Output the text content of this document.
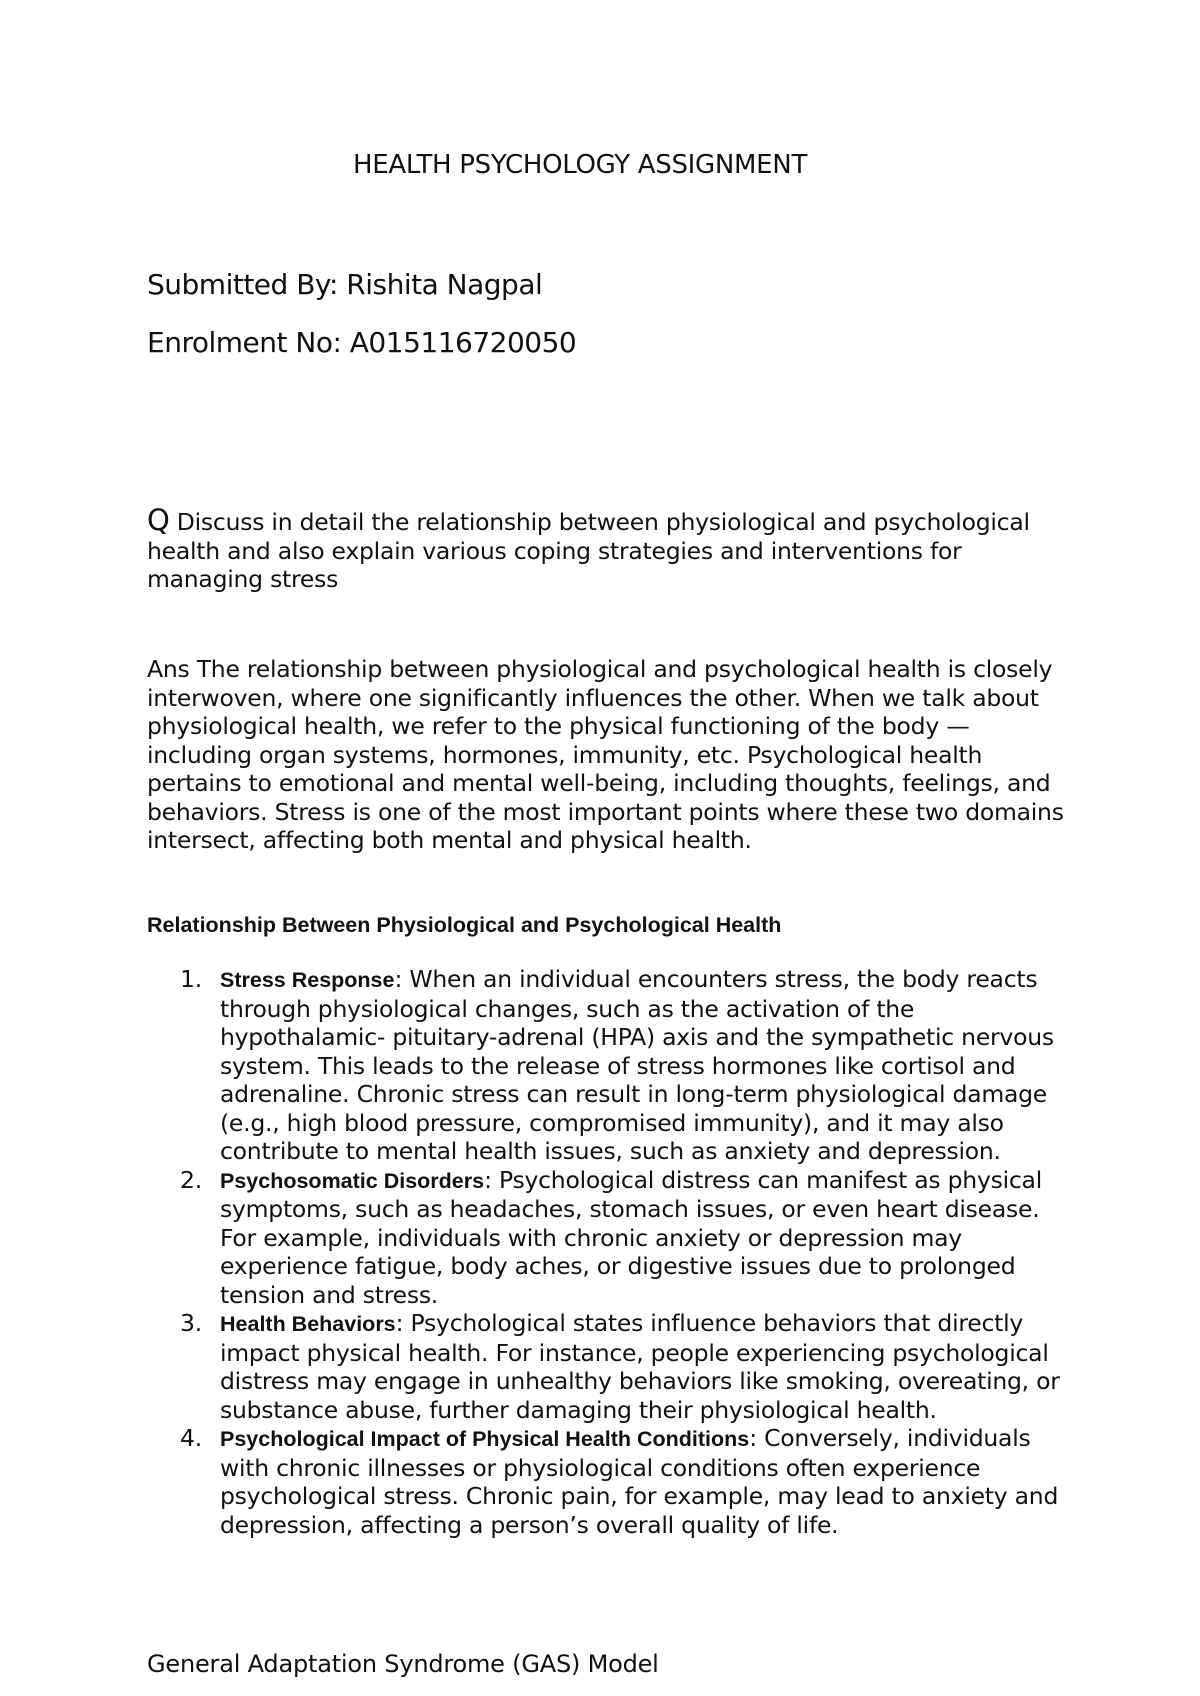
HEALTH PSYCHOLOGY ASSIGNMENT
Submitted By: Rishita Nagpal
Enrolment No: A015116720050
Q Discuss in detail the relationship between physiological and psychological health and also explain various coping strategies and interventions for managing stress
Ans The relationship between physiological and psychological health is closely interwoven, where one significantly influences the other. When we talk about physiological health, we refer to the physical functioning of the body — including organ systems, hormones, immunity, etc. Psychological health pertains to emotional and mental well-being, including thoughts, feelings, and behaviors. Stress is one of the most important points where these two domains intersect, affecting both mental and physical health.
Relationship Between Physiological and Psychological Health
1. Stress Response: When an individual encounters stress, the body reacts through physiological changes, such as the activation of the hypothalamic- pituitary-adrenal (HPA) axis and the sympathetic nervous system. This leads to the release of stress hormones like cortisol and adrenaline. Chronic stress can result in long-term physiological damage (e.g., high blood pressure, compromised immunity), and it may also contribute to mental health issues, such as anxiety and depression.
2. Psychosomatic Disorders: Psychological distress can manifest as physical symptoms, such as headaches, stomach issues, or even heart disease. For example, individuals with chronic anxiety or depression may experience fatigue, body aches, or digestive issues due to prolonged tension and stress.
3. Health Behaviors: Psychological states influence behaviors that directly impact physical health. For instance, people experiencing psychological distress may engage in unhealthy behaviors like smoking, overeating, or substance abuse, further damaging their physiological health.
4. Psychological Impact of Physical Health Conditions: Conversely, individuals with chronic illnesses or physiological conditions often experience psychological stress. Chronic pain, for example, may lead to anxiety and depression, affecting a person’s overall quality of life.
General Adaptation Syndrome (GAS) Model
